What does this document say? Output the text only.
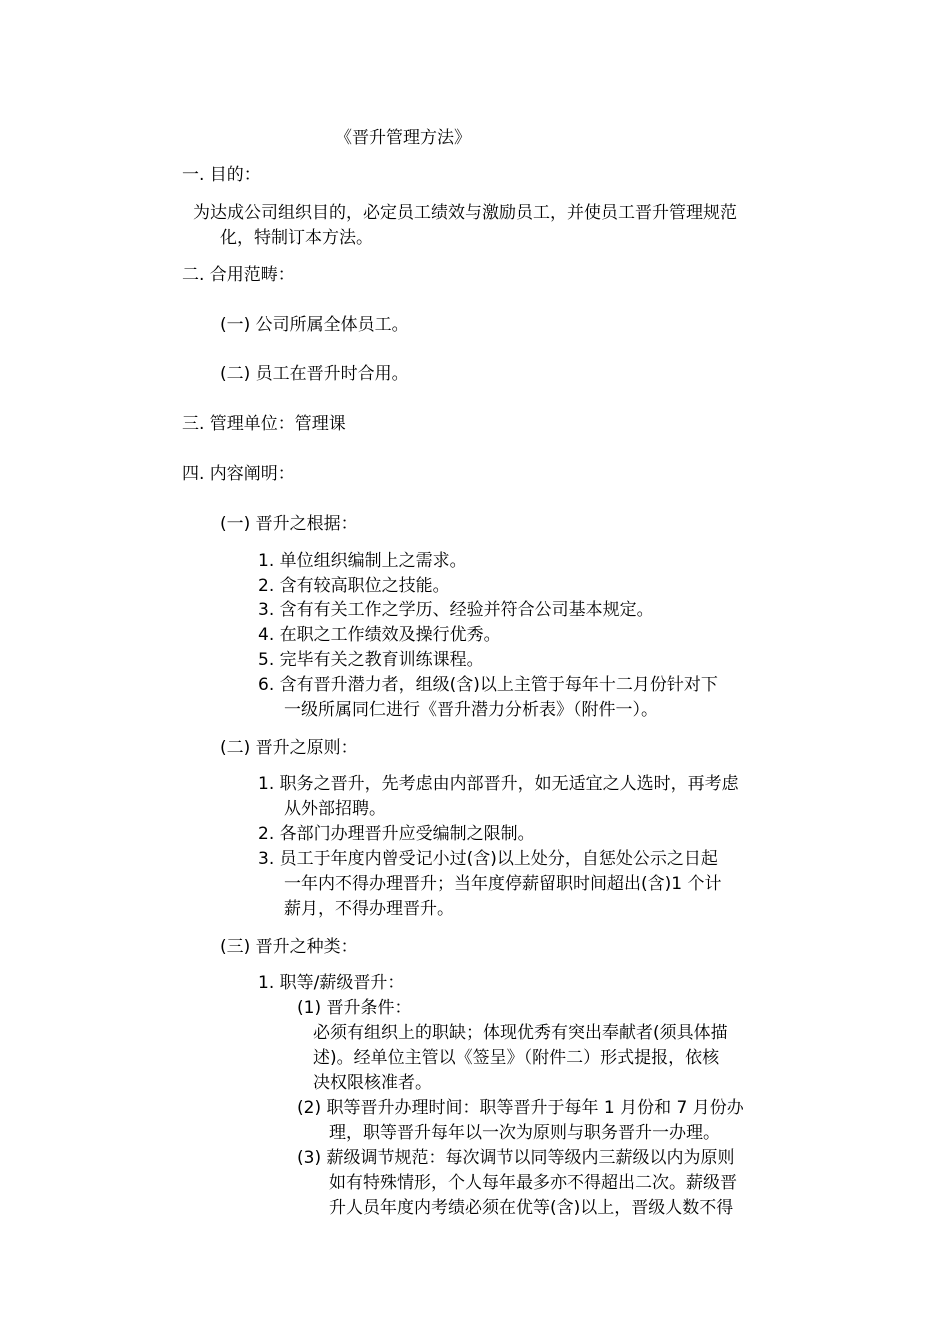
《晋升管理方法》
一. 目的：
为达成公司组织目的，必定员工绩效与激励员工，并使员工晋升管理规范
化，特制订本方法。
二. 合用范畴：
(一) 公司所属全体员工。
(二) 员工在晋升时合用。
三. 管理单位：管理课
四. 内容阐明：
(一) 晋升之根据：
1. 单位组织编制上之需求。
2. 含有较高职位之技能。
3. 含有有关工作之学历、经验并符合公司基本规定。
4. 在职之工作绩效及操行优秀。
5. 完毕有关之教育训练课程。
6. 含有晋升潜力者，组级(含)以上主管于每年十二月份针对下
一级所属同仁进行《晋升潜力分析表》（附件一）。
(二) 晋升之原则：
1. 职务之晋升，先考虑由内部晋升，如无适宜之人选时，再考虑
从外部招聘。
2. 各部门办理晋升应受编制之限制。
3. 员工于年度内曾受记小过(含)以上处分，自惩处公示之日起
一年内不得办理晋升；当年度停薪留职时间超出(含)1 个计
薪月，不得办理晋升。
(三) 晋升之种类：
1. 职等/薪级晋升：
(1) 晋升条件：
必须有组织上的职缺；体现优秀有突出奉献者(须具体描
述)。经单位主管以《签呈》（附件二）形式提报，依核
决权限核准者。
(2) 职等晋升办理时间：职等晋升于每年 1 月份和 7 月份办
理，职等晋升每年以一次为原则与职务晋升一办理。
(3) 薪级调节规范：每次调节以同等级内三薪级以内为原则
如有特殊情形，个人每年最多亦不得超出二次。薪级晋
升人员年度内考绩必须在优等(含)以上，晋级人数不得
